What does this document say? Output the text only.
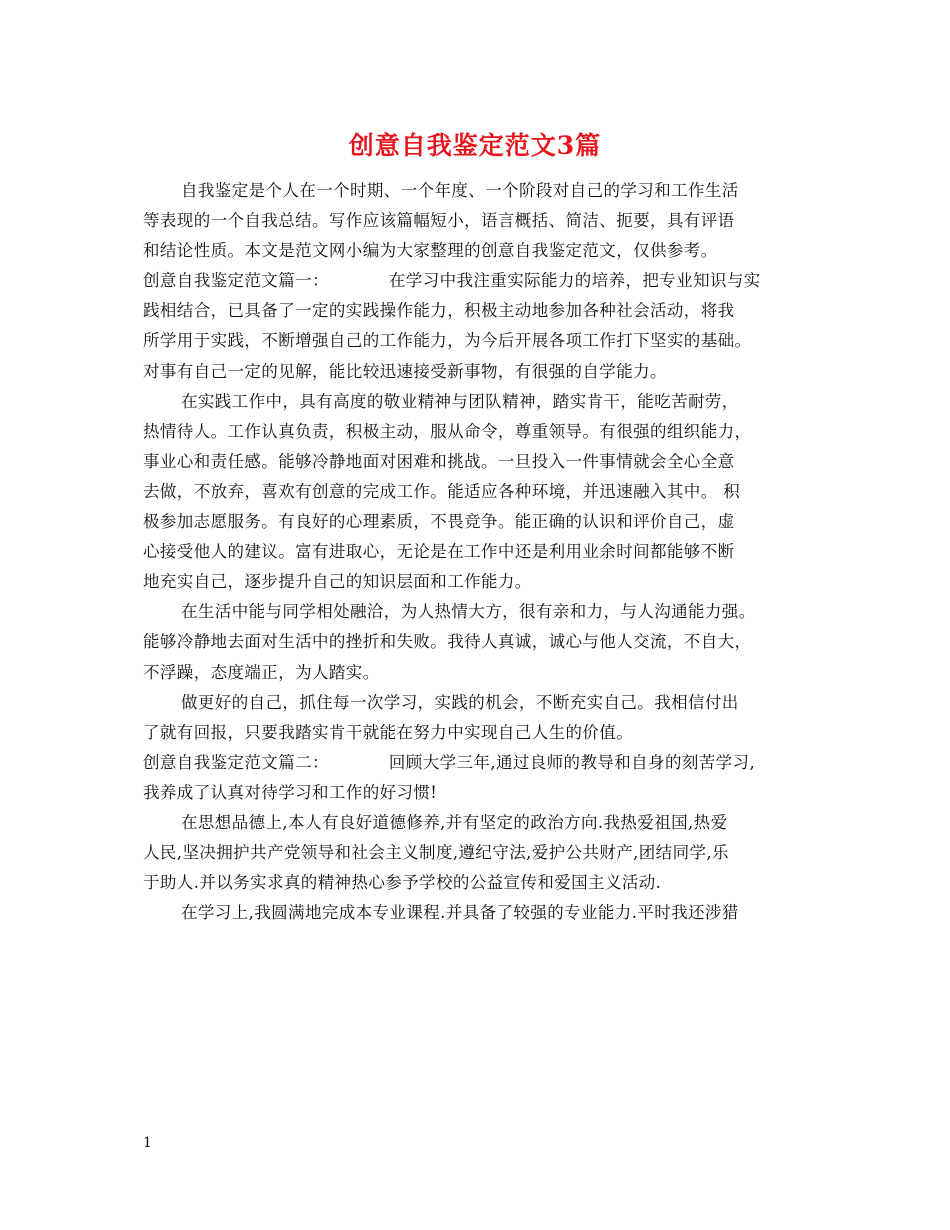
创意自我鉴定范文3篇
自我鉴定是个人在一个时期、一个年度、一个阶段对自己的学习和工作生活
等表现的一个自我总结。写作应该篇幅短小，语言概括、简洁、扼要，具有评语
和结论性质。本文是范文网小编为大家整理的创意自我鉴定范文，仅供参考。
创意自我鉴定范文篇一：	在学习中我注重实际能力的培养，把专业知识与实
践相结合，已具备了一定的实践操作能力，积极主动地参加各种社会活动，将我
所学用于实践，不断增强自己的工作能力，为今后开展各项工作打下坚实的基础。
对事有自己一定的见解，能比较迅速接受新事物，有很强的自学能力。
在实践工作中，具有高度的敬业精神与团队精神，踏实肯干，能吃苦耐劳，
热情待人。工作认真负责，积极主动，服从命令，尊重领导。有很强的组织能力，
事业心和责任感。能够冷静地面对困难和挑战。一旦投入一件事情就会全心全意
去做，不放弃，喜欢有创意的完成工作。能适应各种环境，并迅速融入其中。 积
极参加志愿服务。有良好的心理素质，不畏竞争。能正确的认识和评价自己，虚
心接受他人的建议。富有进取心，无论是在工作中还是利用业余时间都能够不断
地充实自己，逐步提升自己的知识层面和工作能力。
在生活中能与同学相处融洽，为人热情大方，很有亲和力，与人沟通能力强。
能够冷静地去面对生活中的挫折和失败。我待人真诚，诚心与他人交流，不自大，
不浮躁，态度端正，为人踏实。
做更好的自己，抓住每一次学习，实践的机会，不断充实自己。我相信付出
了就有回报，只要我踏实肯干就能在努力中实现自己人生的价值。
创意自我鉴定范文篇二：	回顾大学三年,通过良师的教导和自身的刻苦学习,
我养成了认真对待学习和工作的好习惯!
在思想品德上,本人有良好道德修养,并有坚定的政治方向.我热爱祖国,热爱
人民,坚决拥护共产党领导和社会主义制度,遵纪守法,爱护公共财产,团结同学,乐
于助人.并以务实求真的精神热心参予学校的公益宣传和爱国主义活动.
在学习上,我圆满地完成本专业课程.并具备了较强的专业能力.平时我还涉猎
1
